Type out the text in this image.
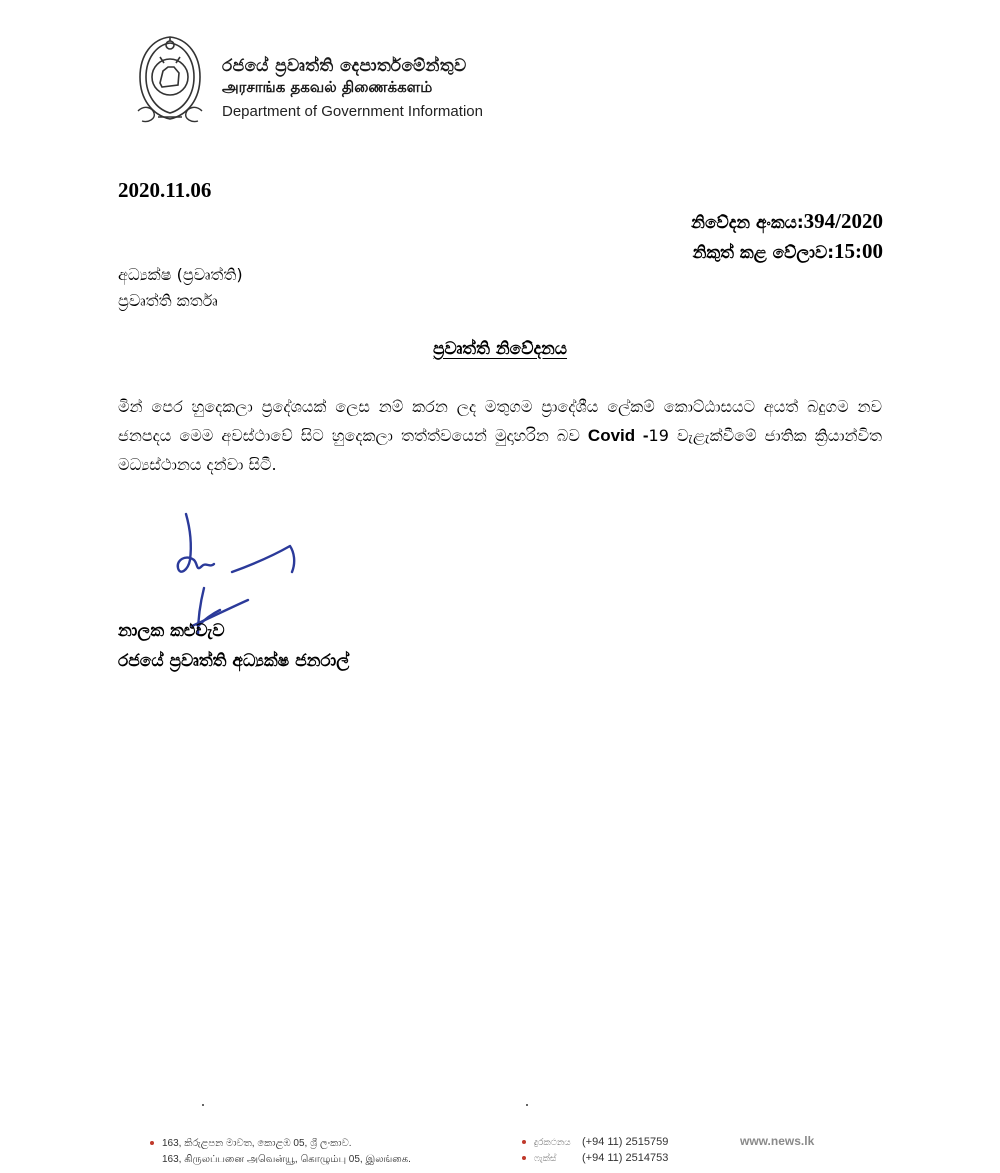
රජයේ ප්‍රවෘත්ති දෙපාර්තමේන්තුව
அரசாங்க தகவல் திணைக்களம்
Department of Government Information
2020.11.06
නිවේදන අංකය:394/2020
නිකුත් කළ වේලාව:15:00
අධ්‍යක්ෂ (ප්‍රවෘත්ති)
ප්‍රවෘත්ති කර්තෘ
ප්‍රවෘත්ති නිවේදනය
මින් පෙර හුදෙකලා ප්‍රදේශයක් ලෙස නම් කරන ලද මතුගම ප්‍රාදේශීය ලේකම් කොට්ඨාසයට අයත් බදුගම නව ජනපදය මෙම අවස්ථාවේ සිට හුදෙකලා තත්ත්වයෙන් මුදාහරින බව Covid -19 වැළැක්වීමේ ජාතික ක්‍රියාන්විත මධ්‍යස්ථානය දන්වා සිටී.
නාලක කළුවැව
රජයේ ප්‍රවෘත්ති අධ්‍යක්ෂ ජනරාල්
163, කිරුළපන මාවත, කොළඹ 05, ශ්‍රී ලංකාව.
163, கிருலப்பனை அவென்யூ, கொழும்பு 05, இலங்கை.
දුරකථනය (+94 11) 2515759
ෆැක්ස් (+94 11) 2514753
www.news.lk
